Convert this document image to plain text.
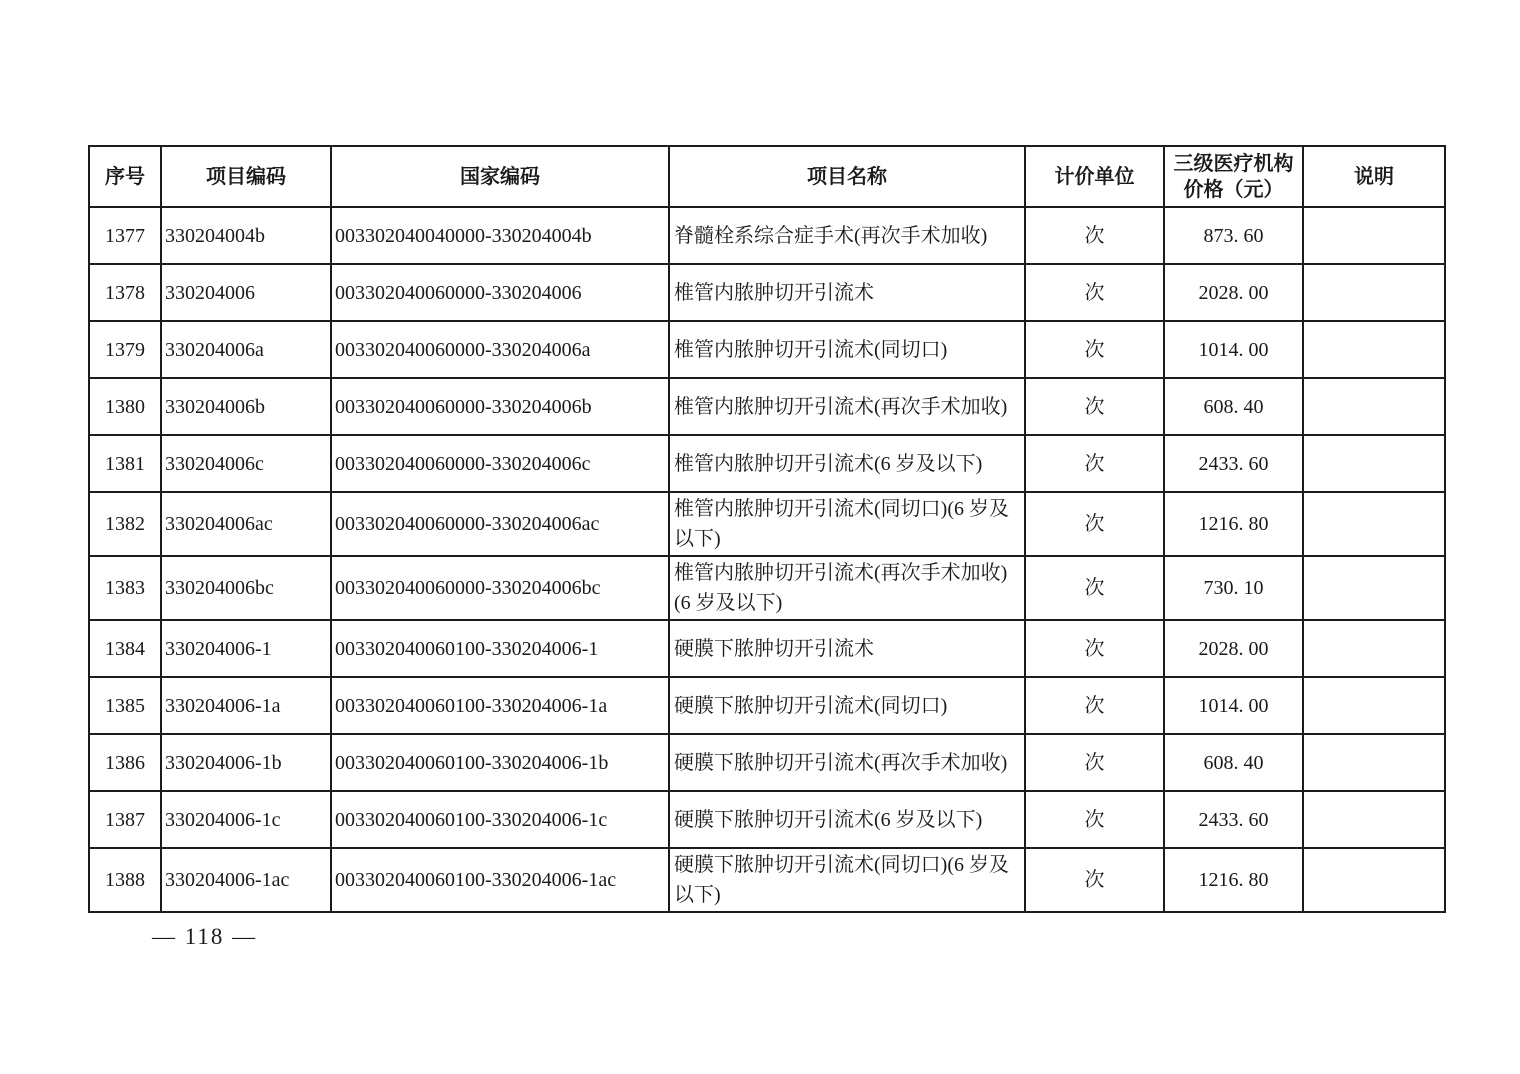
序号	项目编码	国家编码	项目名称	计价单位	三级医疗机构价格（元）	说明
1377	330204004b	003302040040000-330204004b	脊髓栓系综合症手术(再次手术加收)	次	873. 60	
1378	330204006	003302040060000-330204006	椎管内脓肿切开引流术	次	2028. 00	
1379	330204006a	003302040060000-330204006a	椎管内脓肿切开引流术(同切口)	次	1014. 00	
1380	330204006b	003302040060000-330204006b	椎管内脓肿切开引流术(再次手术加收)	次	608. 40	
1381	330204006c	003302040060000-330204006c	椎管内脓肿切开引流术(6 岁及以下)	次	2433. 60	
1382	330204006ac	003302040060000-330204006ac	椎管内脓肿切开引流术(同切口)(6 岁及以下)	次	1216. 80	
1383	330204006bc	003302040060000-330204006bc	椎管内脓肿切开引流术(再次手术加收)(6 岁及以下)	次	730. 10	
1384	330204006-1	003302040060100-330204006-1	硬膜下脓肿切开引流术	次	2028. 00	
1385	330204006-1a	003302040060100-330204006-1a	硬膜下脓肿切开引流术(同切口)	次	1014. 00	
1386	330204006-1b	003302040060100-330204006-1b	硬膜下脓肿切开引流术(再次手术加收)	次	608. 40	
1387	330204006-1c	003302040060100-330204006-1c	硬膜下脓肿切开引流术(6 岁及以下)	次	2433. 60	
1388	330204006-1ac	003302040060100-330204006-1ac	硬膜下脓肿切开引流术(同切口)(6 岁及以下)	次	1216. 80	
— 118 —
